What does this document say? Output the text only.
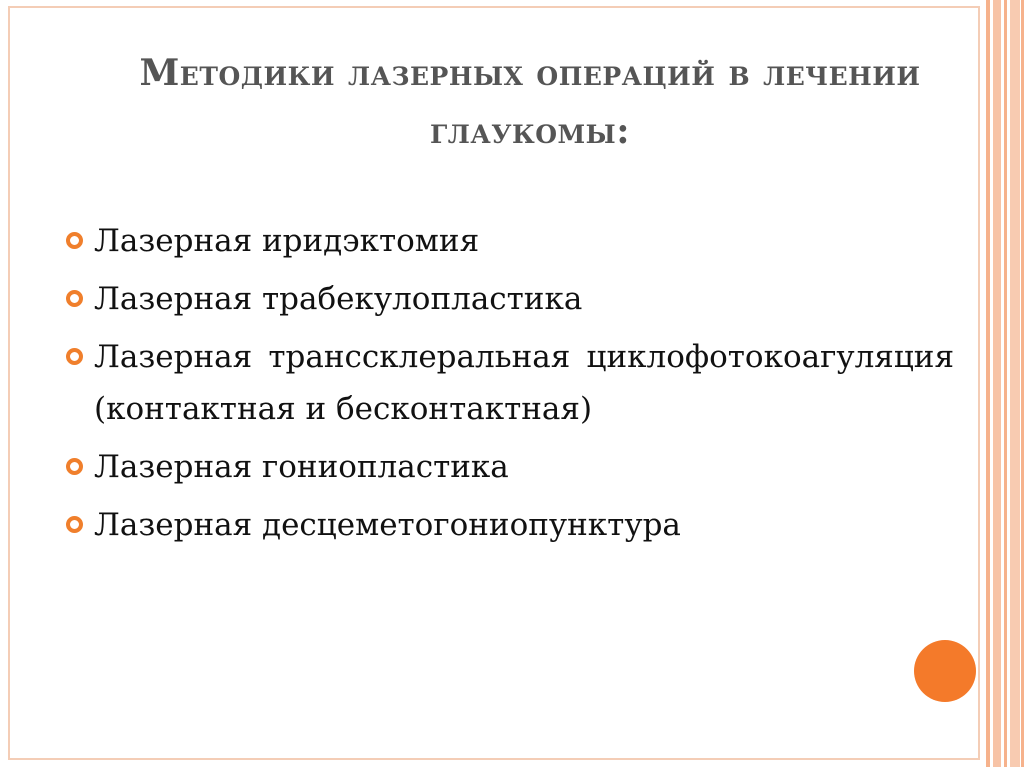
Методики лазерных операций в лечении глаукомы:
Лазерная иридэктомия
Лазерная трабекулопластика
Лазерная транссклеральная циклофотокоагуляция (контактная и бесконтактная)
Лазерная гониопластика
Лазерная десцеметогониопунктура
